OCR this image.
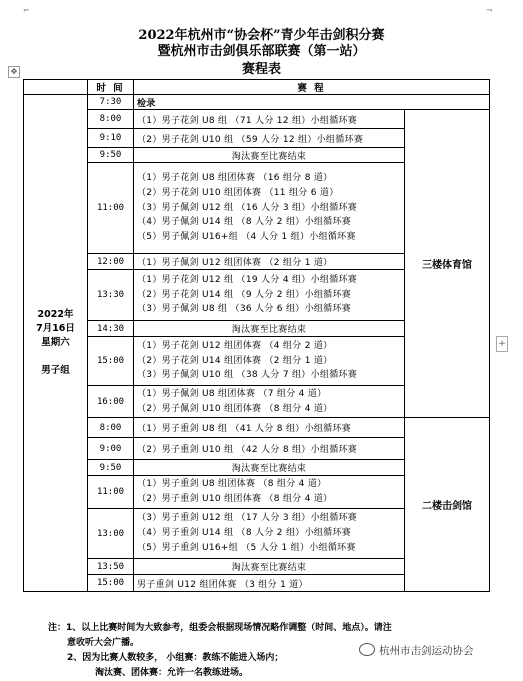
⌐	¬
2022年杭州市“协会杯”青少年击剑积分赛
暨杭州市击剑俱乐部联赛（第一站）
赛程表
✥
	时 间	赛 程	

2022年
7月16日
星期六
男子组	7:30	检录	

	8:00	（1）男子花剑 U8 组 （71 人分 12 组）小组循环赛	三楼体育馆
	9:10	（2）男子花剑 U10 组 （59 人分 12 组）小组循环赛	

	9:50	淘汰赛至比赛结束	

	11:00	（1）男子花剑 U8 组团体赛 （16 组分 8 道）
（2）男子花剑 U10 组团体赛 （11 组分 6 道）
（3）男子佩剑 U12 组 （16 人分 3 组）小组循环赛
（4）男子佩剑 U14 组 （8 人分 2 组）小组循环赛
（5）男子佩剑 U16+组 （4 人分 1 组）小组循环赛	

	12:00	（1）男子佩剑 U12 组团体赛 （2 组分 1 道）	

	13:30	（1）男子花剑 U12 组 （19 人分 4 组）小组循环赛
（2）男子花剑 U14 组 （9 人分 2 组）小组循环赛
（3）男子佩剑 U8 组 （36 人分 6 组）小组循环赛	

	14:30	淘汰赛至比赛结束	

	15:00	（1）男子花剑 U12 组团体赛 （4 组分 2 道）
（2）男子花剑 U14 组团体赛 （2 组分 1 道）
（3）男子佩剑 U10 组 （38 人分 7 组）小组循环赛	

	16:00	（1）男子佩剑 U8 组团体赛 （7 组分 4 道）
（2）男子佩剑 U10 组团体赛 （8 组分 4 道）	

	8:00	（1）男子重剑 U8 组 （41 人分 8 组）小组循环赛	二楼击剑馆
	9:00	（2）男子重剑 U10 组 （42 人分 8 组）小组循环赛	

	9:50	淘汰赛至比赛结束	

	11:00	（1）男子重剑 U8 组团体赛 （8 组分 4 道）
（2）男子重剑 U10 组团体赛 （8 组分 4 道）	

	13:00	（3）男子重剑 U12 组 （17 人分 3 组）小组循环赛
（4）男子重剑 U14 组 （8 人分 2 组）小组循环赛
（5）男子重剑 U16+组 （5 人分 1 组）小组循环赛	

	13:50	淘汰赛至比赛结束	

	15:00	男子重剑 U12 组团体赛 （3 组分 1 道）	
+
注：1、以上比赛时间为大致参考，组委会根据现场情况略作调整（时间、地点）。请注
意收听大会广播。
2、因为比赛人数较多， 小组赛：教练不能进入场内；
淘汰赛、团体赛：允许一名教练进场。
杭州市击剑运动协会
